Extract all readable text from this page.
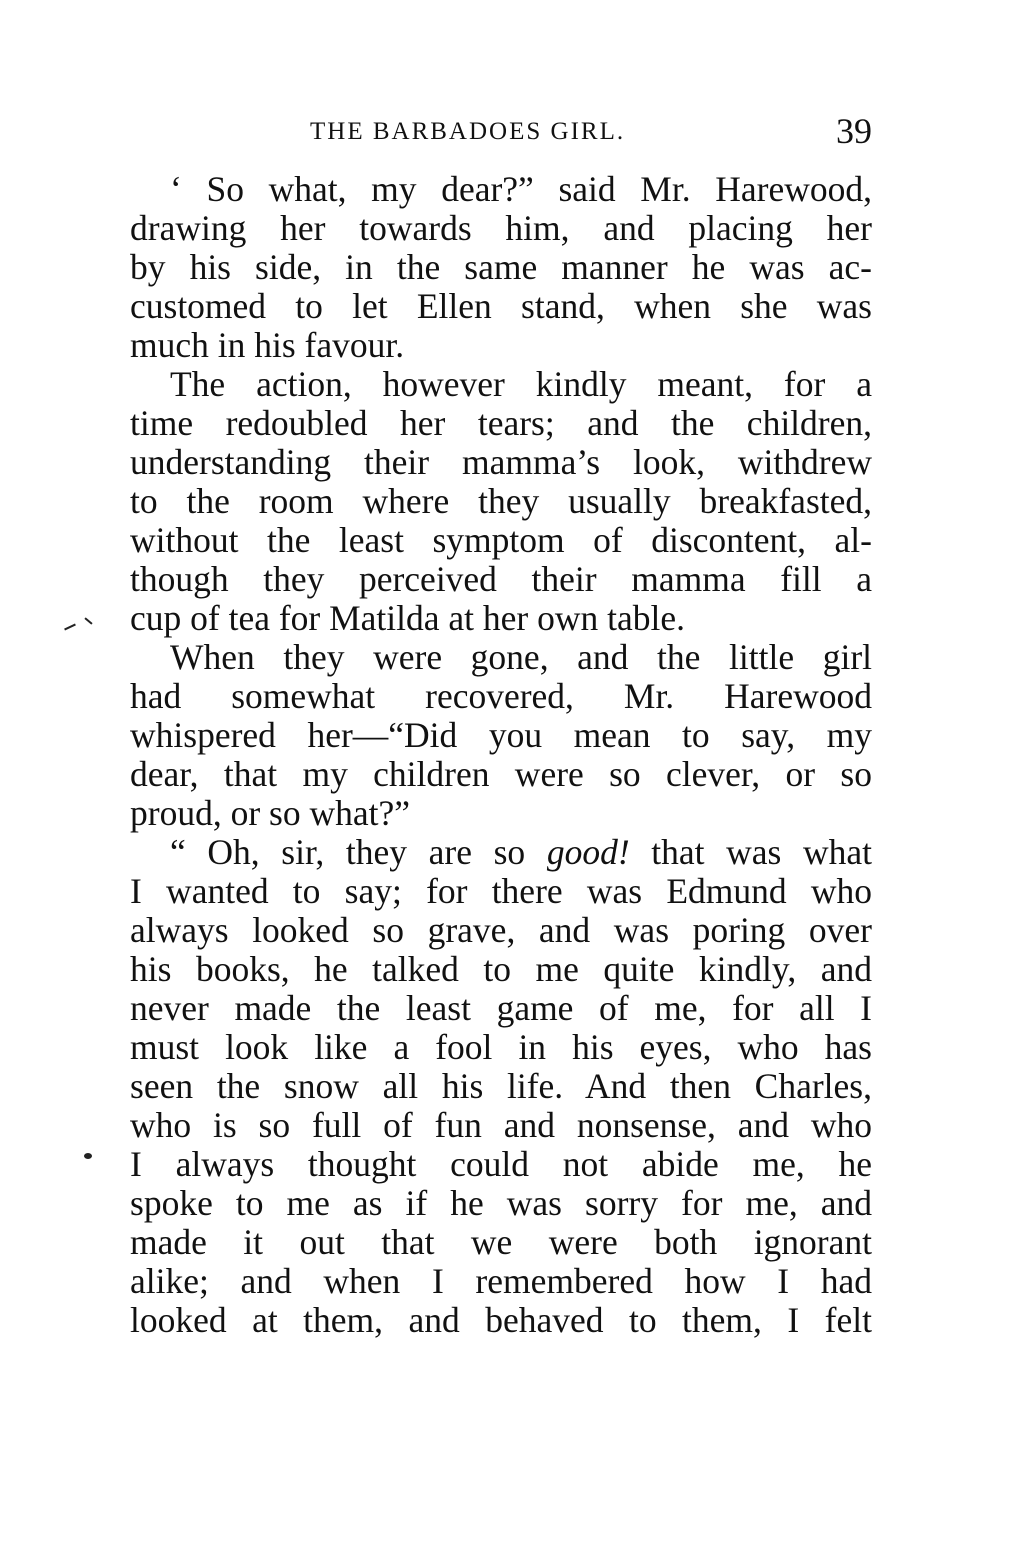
THE BARBADOES GIRL.	39
‘ So what, my dear?” said Mr. Harewood,
drawing her towards him, and placing her
by his side, in the same manner he was ac-
customed to let Ellen stand, when she was
much in his favour.
The action, however kindly meant, for a
time redoubled her tears; and the children,
understanding their mamma’s look, withdrew
to the room where they usually breakfasted,
without the least symptom of discontent, al-
though they perceived their mamma fill a
cup of tea for Matilda at her own table.
When they were gone, and the little girl
had somewhat recovered, Mr. Harewood
whispered her—“Did you mean to say, my
dear, that my children were so clever, or so
proud, or so what?”
“ Oh, sir, they are so good! that was what
I wanted to say; for there was Edmund who
always looked so grave, and was poring over
his books, he talked to me quite kindly, and
never made the least game of me, for all I
must look like a fool in his eyes, who has
seen the snow all his life. And then Charles,
who is so full of fun and nonsense, and who
I always thought could not abide me, he
spoke to me as if he was sorry for me, and
made it out that we were both ignorant
alike; and when I remembered how I had
looked at them, and behaved to them, I felt
